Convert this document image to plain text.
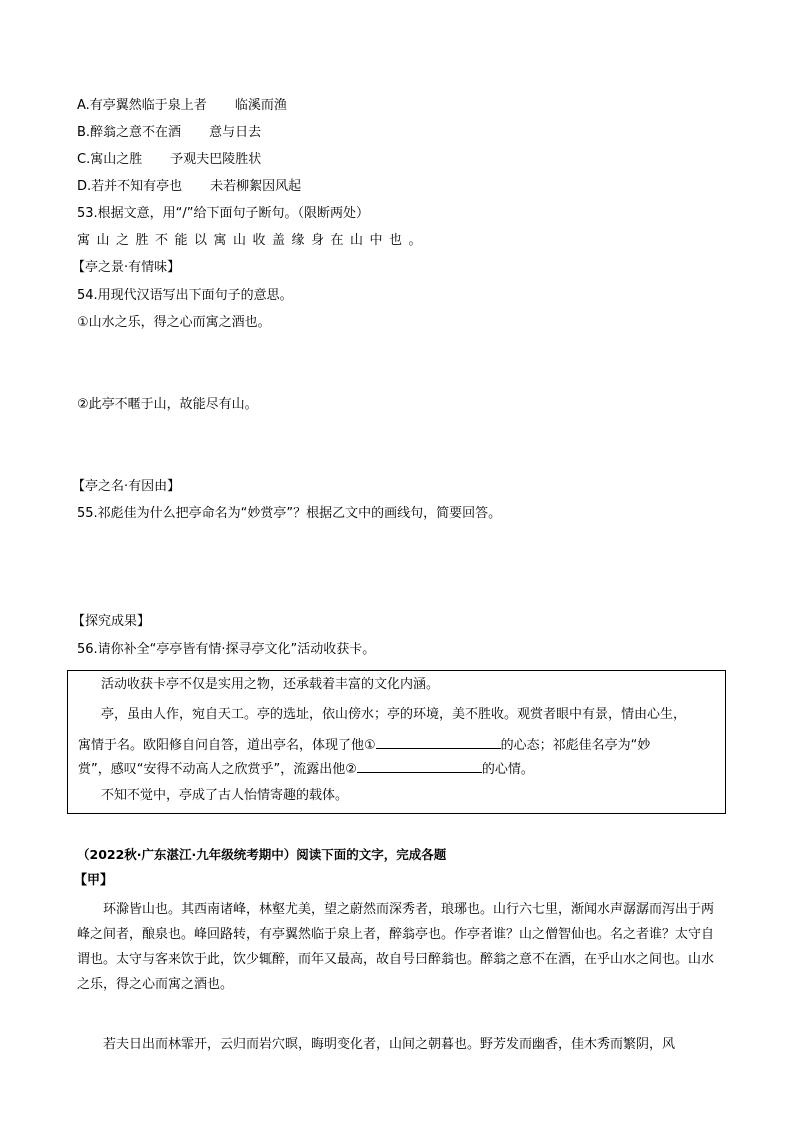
A.有亭翼然临于泉上者 临溪而渔
B.醉翁之意不在酒 意与日去
C.寓山之胜 予观夫巴陵胜状
D.若并不知有亭也 未若柳絮因风起
53.根据文意，用“/”给下面句子断句。（限断两处）
寓山之胜不能以寓山收盖缘身在山中也。
【亭之景·有情味】
54.用现代汉语写出下面句子的意思。
①山水之乐，得之心而寓之酒也。
②此亭不暱于山，故能尽有山。
【亭之名·有因由】
55.祁彪佳为什么把亭命名为“妙赏亭”？根据乙文中的画线句，简要回答。
【探究成果】
56.请你补全“亭亭皆有情·探寻亭文化”活动收获卡。
活动收获卡亭不仅是实用之物，还承载着丰富的文化内涵。
亭，虽由人作，宛自天工。亭的选址，依山傍水；亭的环境，美不胜收。观赏者眼中有景，情由心生，
寓情于名。欧阳修自问自答，道出亭名，体现了他①	的心态；祁彪佳名亭为“妙
赏”，感叹“安得不动高人之欣赏乎”，流露出他②	的心情。
不知不觉中，亭成了古人怡情寄趣的载体。
（2022秋·广东湛江·九年级统考期中）阅读下面的文字，完成各题
【甲】
环滁皆山也。其西南诸峰，林壑尤美，望之蔚然而深秀者，琅琊也。山行六七里，渐闻水声潺潺而泻出于两峰之间者，酿泉也。峰回路转，有亭翼然临于泉上者，醉翁亭也。作亭者谁？山之僧智仙也。名之者谁？太守自谓也。太守与客来饮于此，饮少辄醉，而年又最高，故自号曰醉翁也。醉翁之意不在酒，在乎山水之间也。山水之乐，得之心而寓之酒也。
若夫日出而林霏开，云归而岩穴暝，晦明变化者，山间之朝暮也。野芳发而幽香，佳木秀而繁阴，风
